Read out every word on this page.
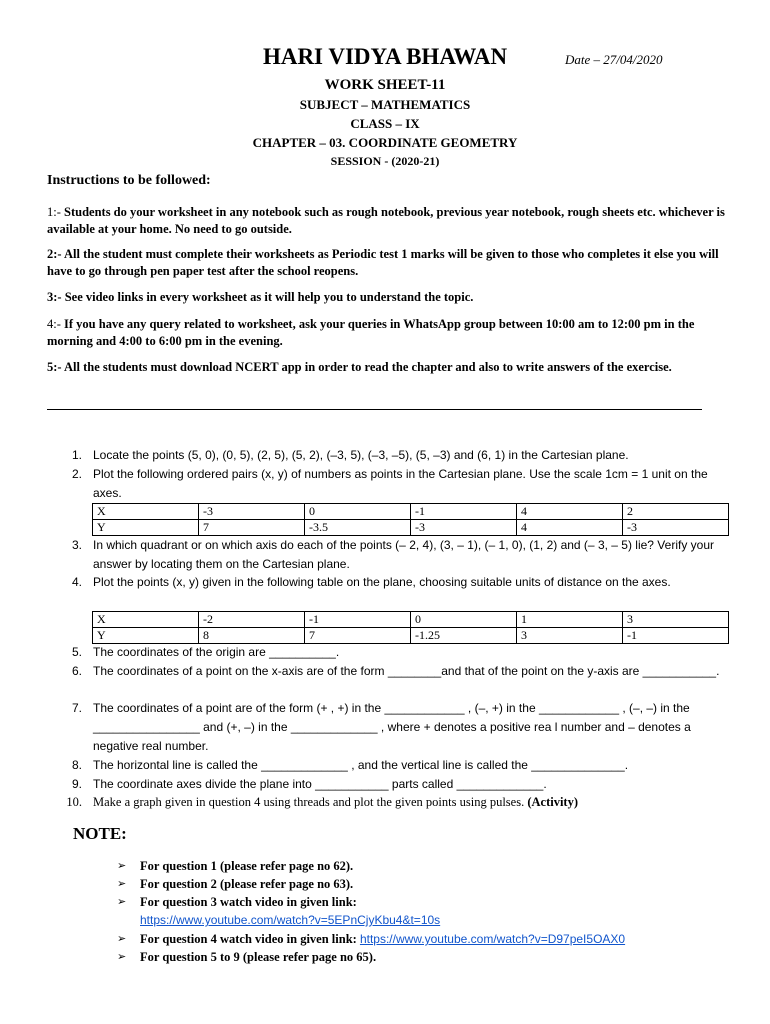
HARI VIDYA BHAWAN	Date – 27/04/2020
WORK SHEET-11
SUBJECT – MATHEMATICS
CLASS – IX
CHAPTER – 03. COORDINATE GEOMETRY
SESSION - (2020-21)
Instructions to be followed:
1:- Students do your worksheet in any notebook such as rough notebook, previous year notebook, rough sheets etc. whichever is available at your home. No need to go outside.
2:- All the student must complete their worksheets as Periodic test 1 marks will be given to those who completes it else you will have to go through pen paper test after the school reopens.
3:- See video links in every worksheet as it will help you to understand the topic.
4:- If you have any query related to worksheet, ask your queries in WhatsApp group between 10:00 am to 12:00 pm in the morning and 4:00 to 6:00 pm in the evening.
5:- All the students must download NCERT app in order to read the chapter and also to write answers of the exercise.
1. Locate the points (5, 0), (0, 5), (2, 5), (5, 2), (–3, 5), (–3, –5), (5, –3) and (6, 1) in the Cartesian plane.
2. Plot the following ordered pairs (x, y) of numbers as points in the Cartesian plane. Use the scale 1cm = 1 unit on the axes.
X	-3	0	-1	4	2
Y	7	-3.5	-3	4	-3
3. In which quadrant or on which axis do each of the points (– 2, 4), (3, – 1), (– 1, 0), (1, 2) and (– 3, – 5) lie? Verify your answer by locating them on the Cartesian plane.
4. Plot the points (x, y) given in the following table on the plane, choosing suitable units of distance on the axes.
X	-2	-1	0	1	3
Y	8	7	-1.25	3	-1
5. The coordinates of the origin are __________.
6. The coordinates of a point on the x-axis are of the form ________and that of the point on the y-axis are ___________.
7. The coordinates of a point are of the form (+ , +) in the ____________ , (–, +) in the ____________ , (–, –) in the ________________ and (+, –) in the _____________ , where + denotes a positive rea l number and – denotes a negative real number.
8. The horizontal line is called the _____________ , and the vertical line is called the ______________.
9. The coordinate axes divide the plane into ___________ parts called _____________.
10. Make a graph given in question 4 using threads and plot the given points using pulses. (Activity)
NOTE:
➢	For question 1 (please refer page no 62).
➢	For question 2 (please refer page no 63).
➢	For question 3 watch video in given link:
https://www.youtube.com/watch?v=5EPnCjyKbu4&t=10s
➢	For question 4 watch video in given link: https://www.youtube.com/watch?v=D97peI5OAX0
➢	For question 5 to 9 (please refer page no 65).
